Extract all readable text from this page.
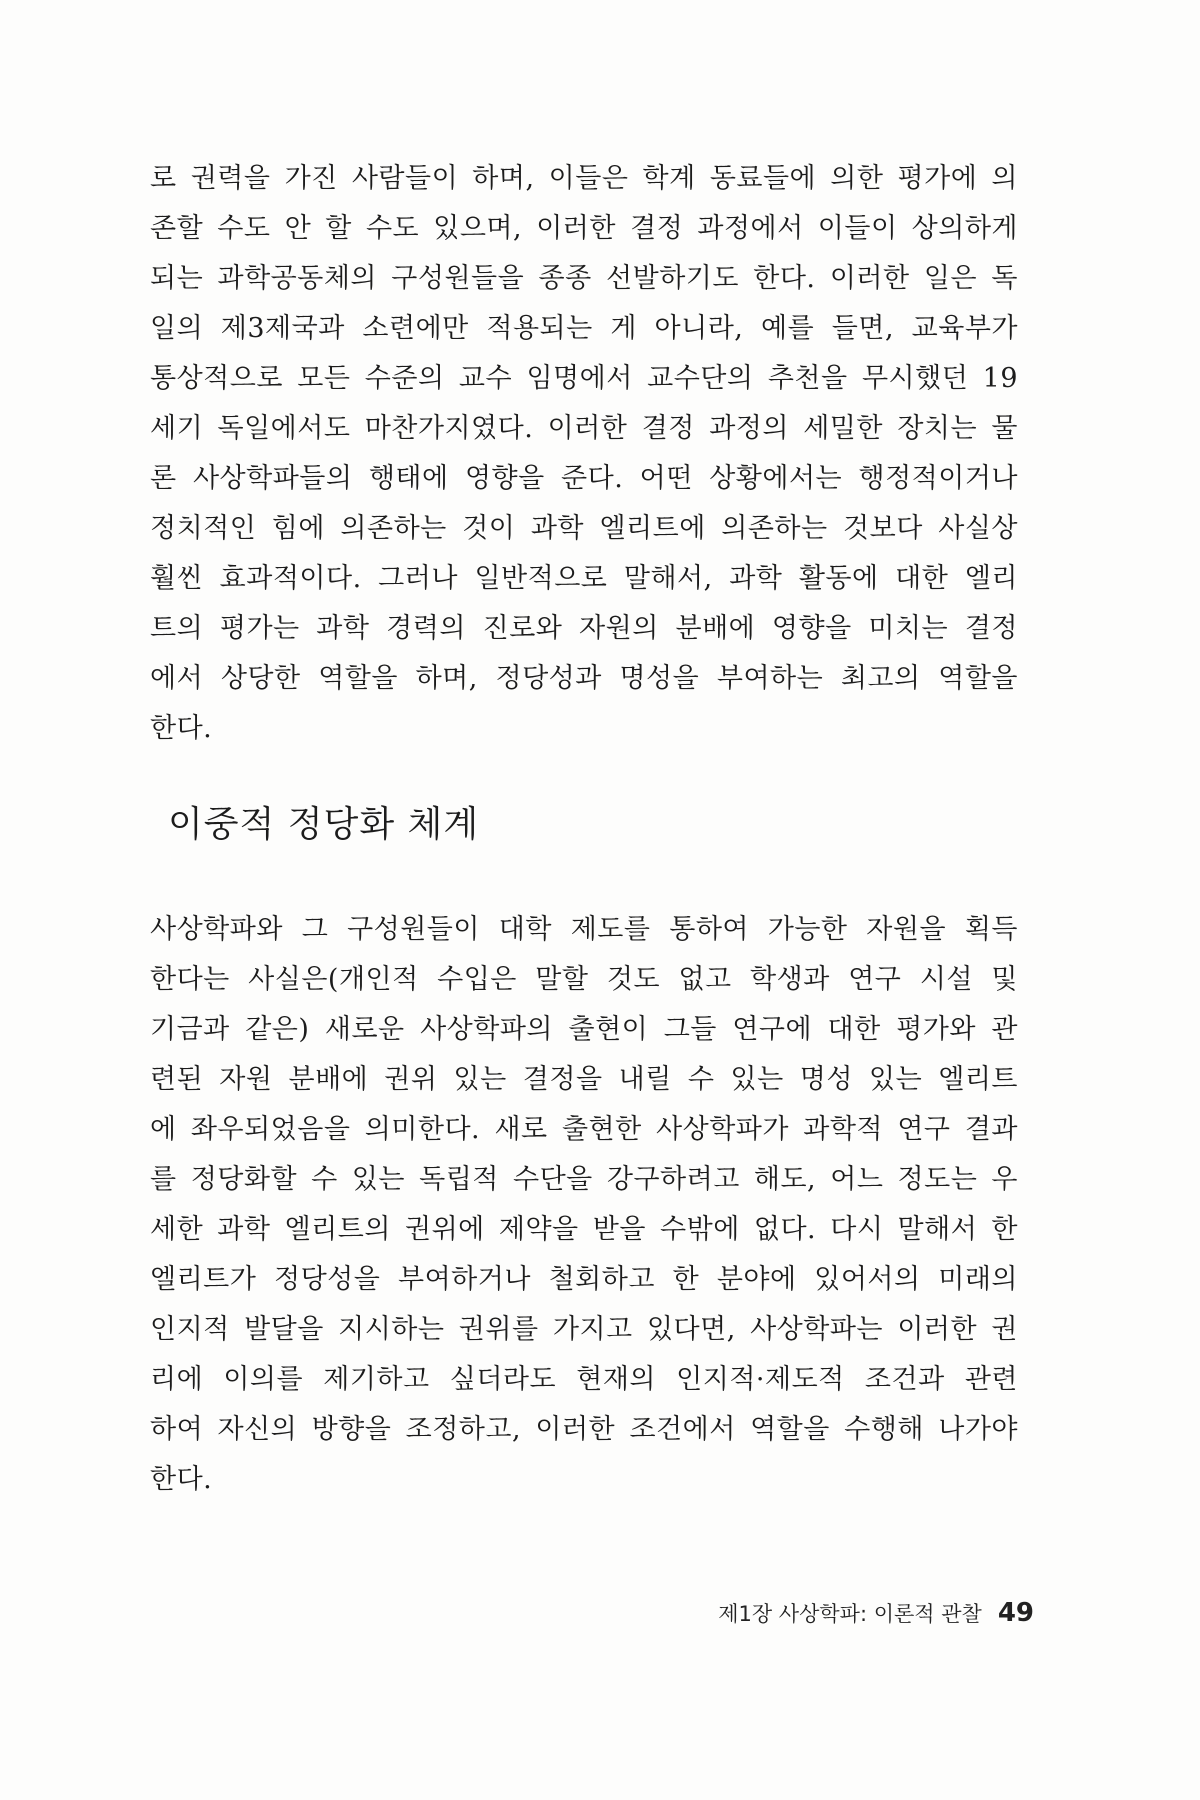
로 권력을 가진 사람들이 하며, 이들은 학계 동료들에 의한 평가에 의
존할 수도 안 할 수도 있으며, 이러한 결정 과정에서 이들이 상의하게
되는 과학공동체의 구성원들을 종종 선발하기도 한다. 이러한 일은 독
일의 제3제국과 소련에만 적용되는 게 아니라, 예를 들면, 교육부가
통상적으로 모든 수준의 교수 임명에서 교수단의 추천을 무시했던 19
세기 독일에서도 마찬가지였다. 이러한 결정 과정의 세밀한 장치는 물
론 사상학파들의 행태에 영향을 준다. 어떤 상황에서는 행정적이거나
정치적인 힘에 의존하는 것이 과학 엘리트에 의존하는 것보다 사실상
훨씬 효과적이다. 그러나 일반적으로 말해서, 과학 활동에 대한 엘리
트의 평가는 과학 경력의 진로와 자원의 분배에 영향을 미치는 결정
에서 상당한 역할을 하며, 정당성과 명성을 부여하는 최고의 역할을
한다.
이중적 정당화 체계
사상학파와 그 구성원들이 대학 제도를 통하여 가능한 자원을 획득
한다는 사실은(개인적 수입은 말할 것도 없고 학생과 연구 시설 및
기금과 같은) 새로운 사상학파의 출현이 그들 연구에 대한 평가와 관
련된 자원 분배에 권위 있는 결정을 내릴 수 있는 명성 있는 엘리트
에 좌우되었음을 의미한다. 새로 출현한 사상학파가 과학적 연구 결과
를 정당화할 수 있는 독립적 수단을 강구하려고 해도, 어느 정도는 우
세한 과학 엘리트의 권위에 제약을 받을 수밖에 없다. 다시 말해서 한
엘리트가 정당성을 부여하거나 철회하고 한 분야에 있어서의 미래의
인지적 발달을 지시하는 권위를 가지고 있다면, 사상학파는 이러한 권
리에 이의를 제기하고 싶더라도 현재의 인지적·제도적 조건과 관련
하여 자신의 방향을 조정하고, 이러한 조건에서 역할을 수행해 나가야
한다.
제1장 사상학파: 이론적 관찰 49
